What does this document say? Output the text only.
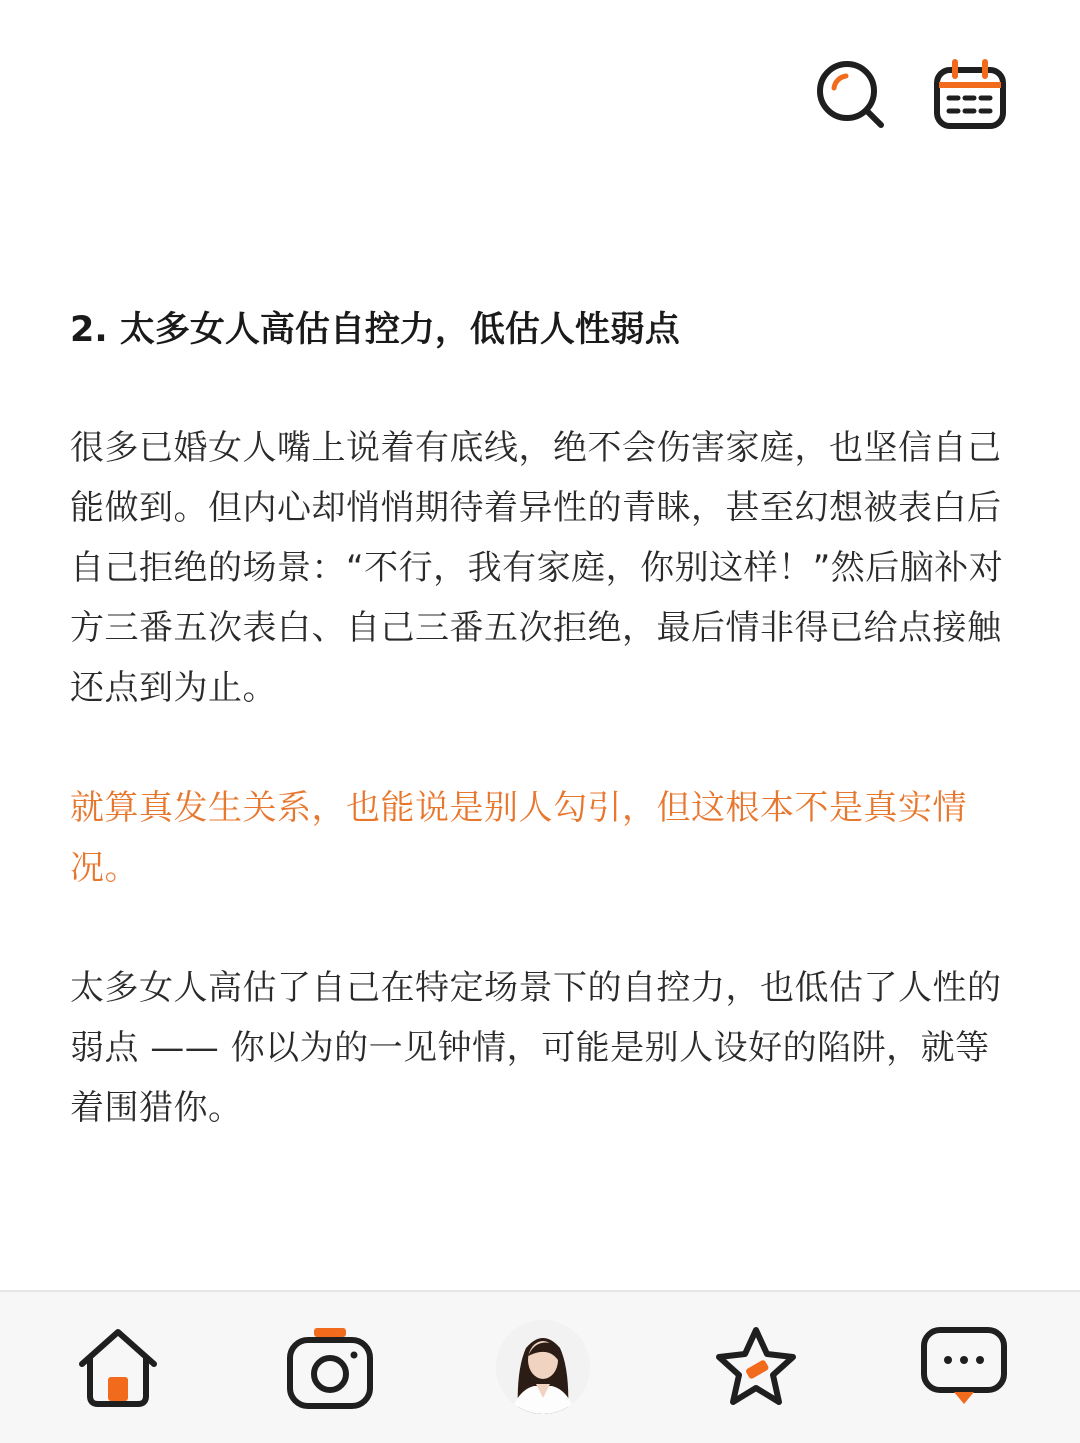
2. 太多女人高估自控力，低估人性弱点

很多已婚女人嘴上说着有底线，绝不会伤害家庭，也坚信自己能做到。但内心却悄悄期待着异性的青睐，甚至幻想被表白后自己拒绝的场景：“不行，我有家庭，你别这样！”然后脑补对方三番五次表白、自己三番五次拒绝，最后情非得已给点接触还点到为止。

就算真发生关系，也能说是别人勾引，但这根本不是真实情况。

太多女人高估了自己在特定场景下的自控力，也低估了人性的弱点 —— 你以为的一见钟情，可能是别人设好的陷阱，就等着围猎你。
